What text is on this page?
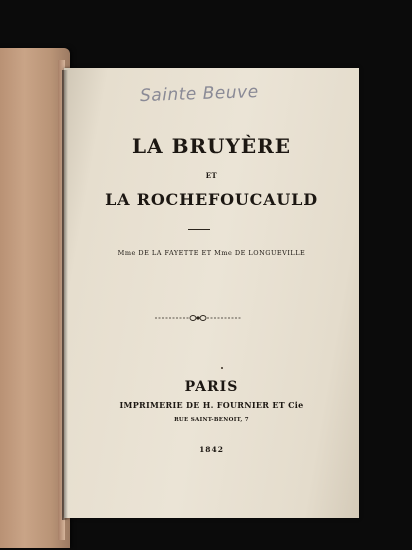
Sainte Beuve
LA BRUYÈRE
ET
LA ROCHEFOUCAULD
Mme DE LA FAYETTE ET Mme DE LONGUEVILLE
PARIS
IMPRIMERIE DE H. FOURNIER ET Cie
RUE SAINT-BENOIT, 7
1842
